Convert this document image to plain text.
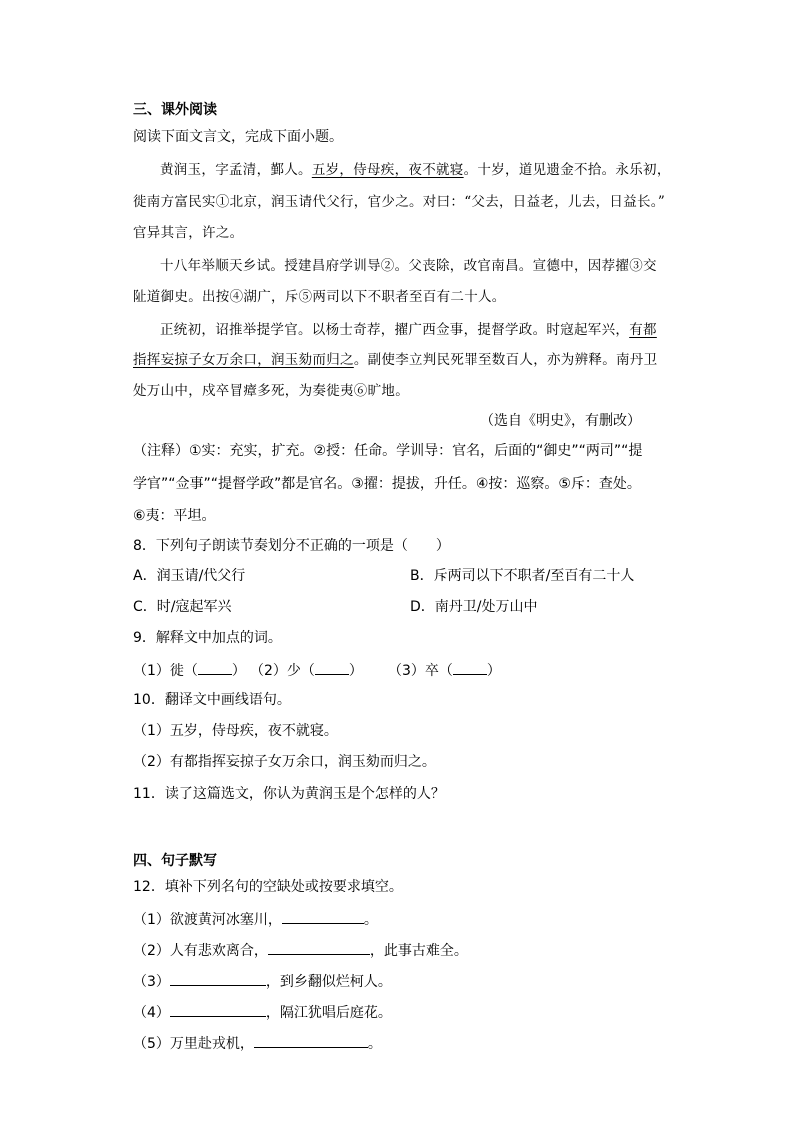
三、课外阅读
阅读下面文言文，完成下面小题。
黄润玉，字孟清，鄞人。五岁，侍母疾，夜不就寝。十岁，道见遗金不拾。永乐初，
徙南方富民实①北京，润玉请代父行，官少之。对曰：“父去，日益老，儿去，日益长。”
官异其言，许之。
十八年举顺天乡试。授建昌府学训导②。父丧除，改官南昌。宣德中，因荐擢③交
阯道御史。出按④湖广，斥⑤两司以下不职者至百有二十人。
正统初，诏推举提学官。以杨士奇荐，擢广西佥事，提督学政。时寇起军兴，有都
指挥妄掠子女万余口，润玉劾而归之。副使李立判民死罪至数百人，亦为辨释。南丹卫
处万山中，戍卒冒瘴多死，为奏徙夷⑥旷地。
（选自《明史》，有删改）
（注释）①实：充实，扩充。②授：任命。学训导：官名，后面的“御史”“两司”“提
学官”“佥事”“提督学政”都是官名。③擢：提拔，升任。④按：巡察。⑤斥：查处。
⑥夷：平坦。
8．下列句子朗读节奏划分不正确的一项是（　　）
A．润玉请/代父行	B．斥两司以下不职者/至百有二十人
C．时/寇起军兴	D．南丹卫/处万山中
9．解释文中加点的词。
（1）徙（ ） （2）少（ ） （3）卒（ ）
10．翻译文中画线语句。
（1）五岁，侍母疾，夜不就寝。
（2）有都指挥妄掠子女万余口，润玉劾而归之。
11．读了这篇选文，你认为黄润玉是个怎样的人？
四、句子默写
12．填补下列名句的空缺处或按要求填空。
（1）欲渡黄河冰塞川，	。
（2）人有悲欢离合，	，此事古难全。
（3）	，到乡翻似烂柯人。
（4）	，隔江犹唱后庭花。
（5）万里赴戎机，	。
